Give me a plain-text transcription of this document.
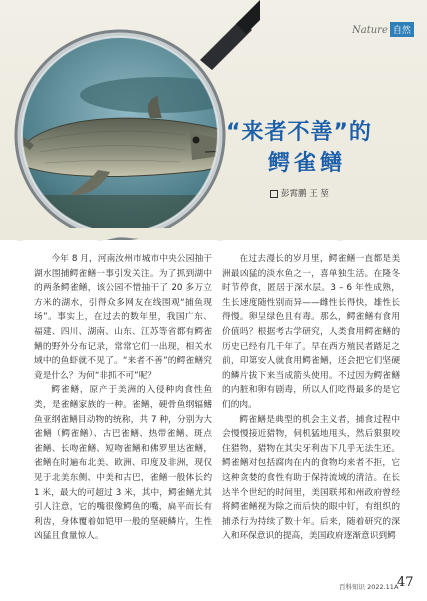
Nature 自然
“来者不善”的
鳄雀鳝
彭霄鹏 王 堃

今年 8 月，河南汝州市城市中央公园抽干湖水围捕鳄雀鳝一事引发关注。为了抓到湖中的两条鳄雀鳝，该公园不惜抽干了 20 多万立方米的湖水，引得众多网友在线围观“捕鱼现场”。事实上，在过去的数年里，我国广东、福建、四川、湖南、山东、江苏等省都有鳄雀鳝的野外分布记录，常常它们一出现，相关水域中的鱼虾就不见了。“来者不善”的鳄雀鳝究竟是什么？为何“非抓不可”呢？

鳄雀鳝，原产于美洲的入侵种肉食性鱼类，是雀鳝家族的一种。雀鳝，硬骨鱼纲辐鳍鱼亚纲雀鳝目动物的统称，共 7 种，分别为大雀鳝（鳄雀鳝）、古巴雀鳝、热带雀鳝、斑点雀鳝、长吻雀鳝、短吻雀鳝和佛罗里达雀鳝，雀鳝在时遍布北美、欧洲、印度及非洲，现仅见于北美东侧、中美和古巴，雀鳝一般体长约 1 米，最大的可超过 3 米，其中，鳄雀鳝尤其引人注意，它的嘴很像鳄鱼的嘴，扁平而长有利齿，身体覆着如铠甲一般的坚硬鳞片，生性凶猛且食量惊人。

在过去漫长的岁月里，鳄雀鳝一直都是美洲最凶猛的淡水鱼之一，喜单独生活。在隆冬时节停食，匿居于深水层。3 – 6 年性成熟，生长速度随性别而异——雌性长得快，雄性长得慢。卵呈绿色且有毒。那么，鳄雀鳝有食用价值吗？根据考古学研究，人类食用鳄雀鳝的历史已经有几千年了。早在西方殖民者踏足之前，印第安人就食用鳄雀鳝，还会把它们坚硬的鳞片拔下来当成箭头使用。不过因为鳄雀鳝的内脏和卵有剧毒，所以人们吃得最多的是它们的肉。

鳄雀鳝是典型的机会主义者，捕食过程中会慢慢接近猎物，伺机猛地甩头，然后狠狠咬住猎物，猎物在其尖牙利齿下几乎无法生还。鳄雀鳝对包括腐肉在内的食物均来者不拒，它这种贪婪的食性有助于保持流域的清洁。在长达半个世纪的时间里，美国联邦和州政府曾经将鳄雀鳝视为除之而后快的眼中钉，有组织的捕杀行为持续了数十年。后来，随着研究的深入和环保意识的提高，美国政府逐渐意识到鳄

百科知识 2022.11A
47
